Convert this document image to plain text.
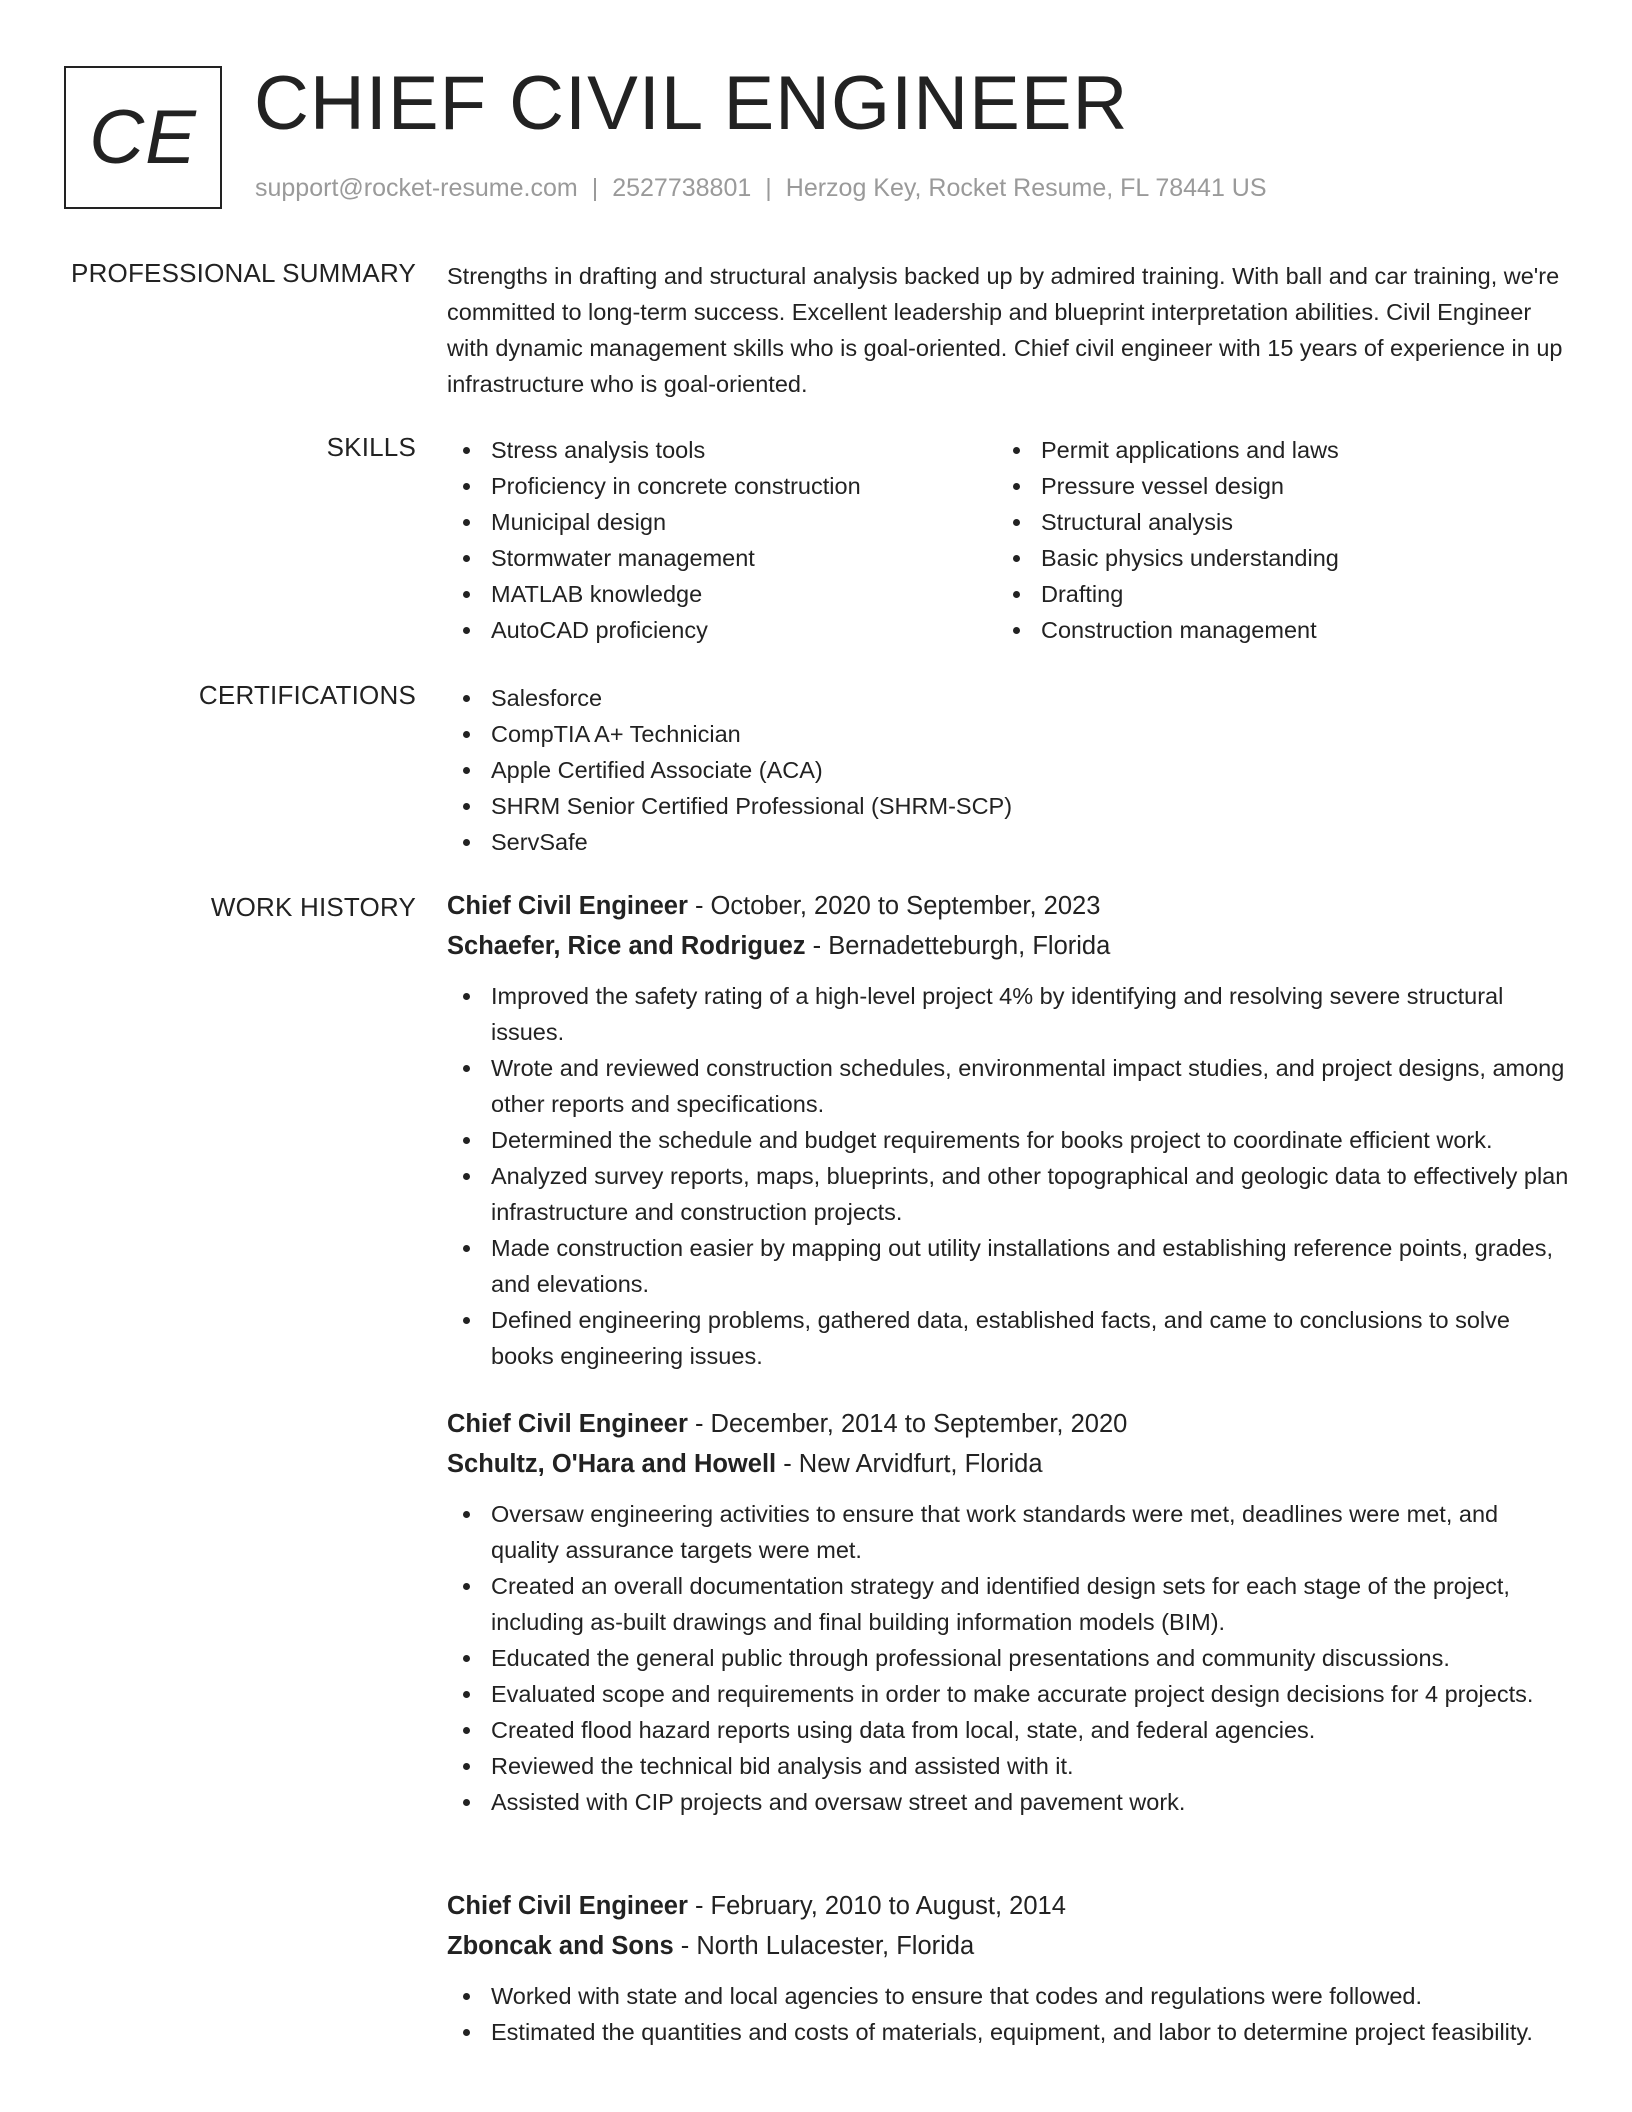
CE CHIEF CIVIL ENGINEER
support@rocket-resume.com | 2527738801 | Herzog Key, Rocket Resume, FL 78441 US
PROFESSIONAL SUMMARY Strengths in drafting and structural analysis backed up by admired training. With ball and car training, we're committed to long-term success. Excellent leadership and blueprint interpretation abilities. Civil Engineer with dynamic management skills who is goal-oriented. Chief civil engineer with 15 years of experience in up infrastructure who is goal-oriented.
SKILLS	Stress analysis tools
Proficiency in concrete construction
Municipal design
Stormwater management
MATLAB knowledge
AutoCAD proficiency
Permit applications and laws
Pressure vessel design
Structural analysis
Basic physics understanding
Drafting
Construction management
CERTIFICATIONS	Salesforce
CompTIA A+ Technician
Apple Certified Associate (ACA)
SHRM Senior Certified Professional (SHRM-SCP)
ServSafe
WORK HISTORY Chief Civil Engineer - October, 2020 to September, 2023
Schaefer, Rice and Rodriguez - Bernadetteburgh, Florida
Improved the safety rating of a high-level project 4% by identifying and resolving severe structural issues.
Wrote and reviewed construction schedules, environmental impact studies, and project designs, among other reports and specifications.
Determined the schedule and budget requirements for books project to coordinate efficient work.
Analyzed survey reports, maps, blueprints, and other topographical and geologic data to effectively plan infrastructure and construction projects.
Made construction easier by mapping out utility installations and establishing reference points, grades, and elevations.
Defined engineering problems, gathered data, established facts, and came to conclusions to solve books engineering issues.
Chief Civil Engineer - December, 2014 to September, 2020
Schultz, O'Hara and Howell - New Arvidfurt, Florida
Oversaw engineering activities to ensure that work standards were met, deadlines were met, and quality assurance targets were met.
Created an overall documentation strategy and identified design sets for each stage of the project, including as-built drawings and final building information models (BIM).
Educated the general public through professional presentations and community discussions.
Evaluated scope and requirements in order to make accurate project design decisions for 4 projects.
Created flood hazard reports using data from local, state, and federal agencies.
Reviewed the technical bid analysis and assisted with it.
Assisted with CIP projects and oversaw street and pavement work.
Chief Civil Engineer - February, 2010 to August, 2014
Zboncak and Sons - North Lulacester, Florida
Worked with state and local agencies to ensure that codes and regulations were followed.
Estimated the quantities and costs of materials, equipment, and labor to determine project feasibility.
